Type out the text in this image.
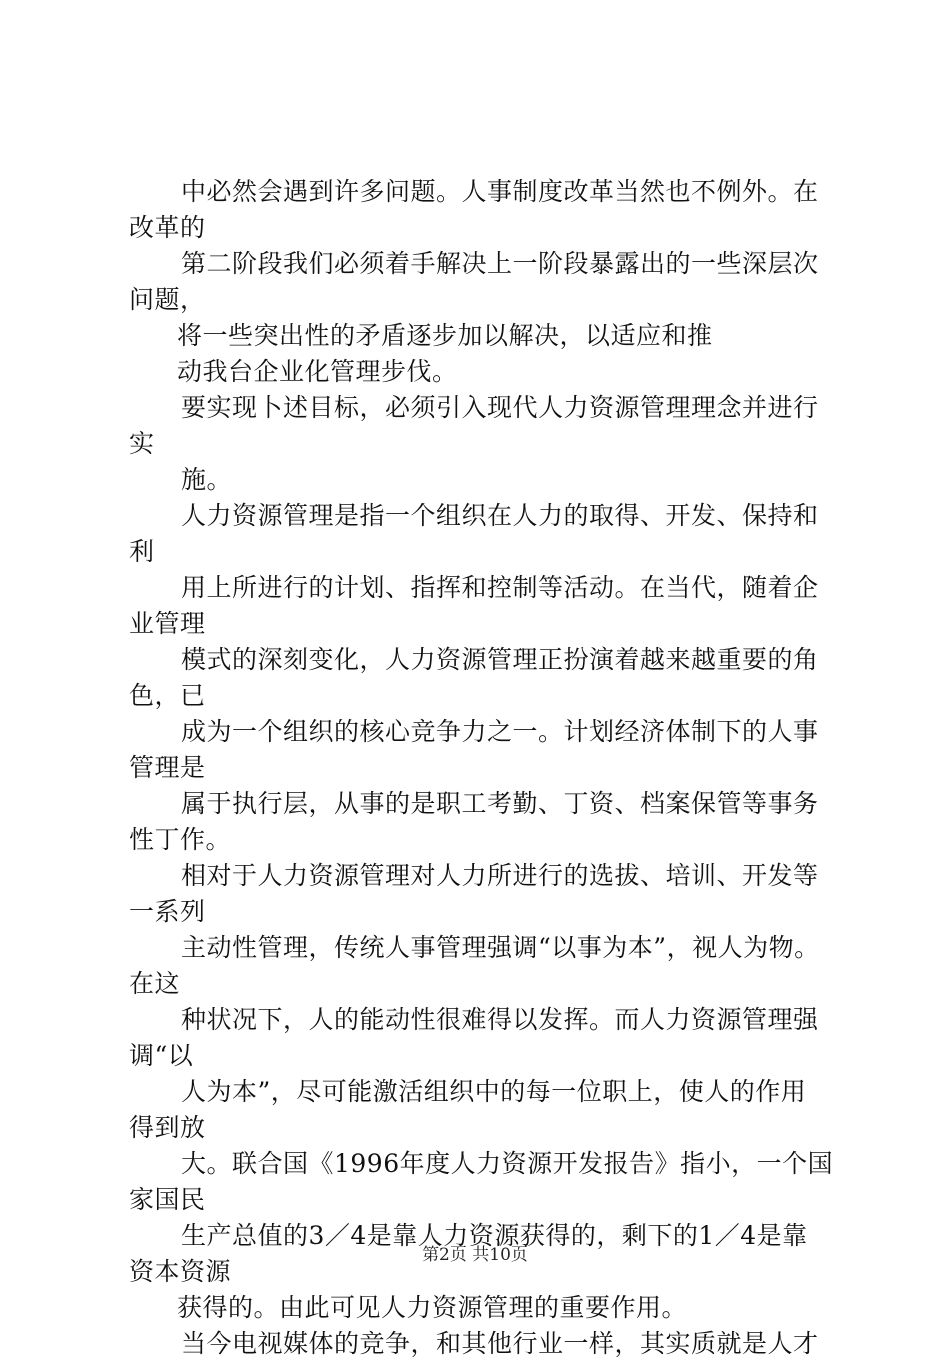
中必然会遇到许多问题。人事制度改革当然也不例外。在
改革的
第二阶段我们必须着手解决上一阶段暴露出的一些深层次
问题，
将一些突出性的矛盾逐步加以解决，以适应和推
动我台企业化管理步伐。
要实现卜述目标，必须引入现代人力资源管理理念并进行
实
施。
人力资源管理是指一个组织在人力的取得、开发、保持和
利
用上所进行的计划、指挥和控制等活动。在当代，随着企
业管理
模式的深刻变化，人力资源管理正扮演着越来越重要的角
色，已
成为一个组织的核心竞争力之一。计划经济体制下的人事
管理是
属于执行层，从事的是职工考勤、丁资、档案保管等事务
性丁作。
相对于人力资源管理对人力所进行的选拔、培训、开发等
一系列
主动性管理，传统人事管理强调“以事为本”，视人为物。
在这
种状况下，人的能动性很难得以发挥。而人力资源管理强
调“以
人为本”，尽可能激活组织中的每一位职上，使人的作用
得到放
大。联合国《1996年度人力资源开发报告》指小，一个国
家国民
生产总值的3／4是靠人力资源获得的，剩下的1／4是靠
资本资源
获得的。由此可见人力资源管理的重要作用。
当今电视媒体的竞争，和其他行业一样，其实质就是人才
第2页 共10页
